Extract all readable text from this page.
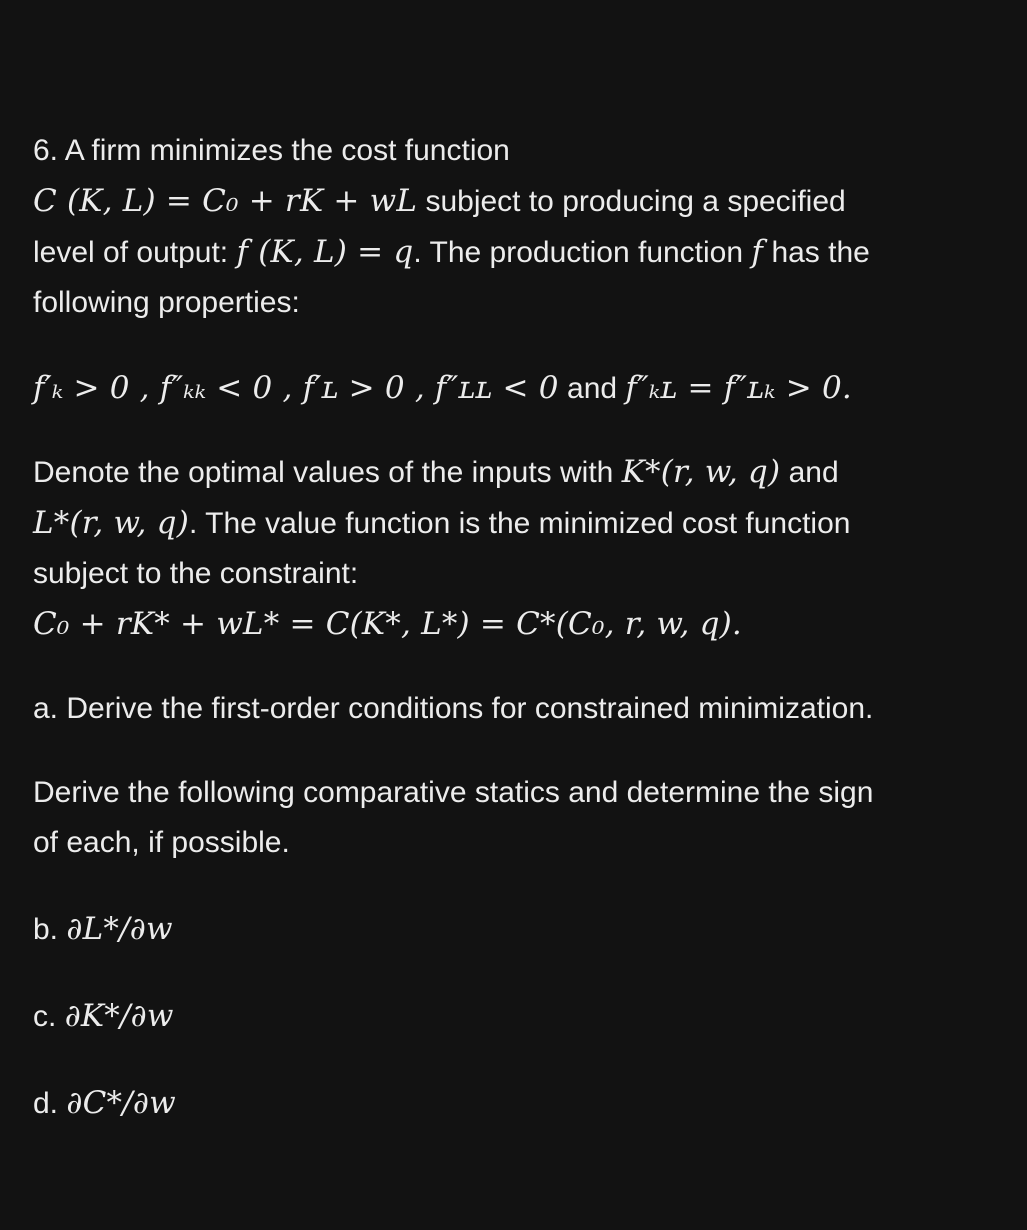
6. A firm minimizes the cost function
C (K, L) = C₀ + rK + wL subject to producing a specified
level of output: f (K, L) = q. The production function f has the
following properties:

f′ₖ > 0 , f″ₖₖ < 0 , f′ʟ > 0 , f″ʟʟ < 0 and f″ₖʟ = f″ʟₖ > 0.

Denote the optimal values of the inputs with K*(r, w, q) and
L*(r, w, q). The value function is the minimized cost function
subject to the constraint:
C₀ + rK* + wL* = C(K*, L*) = C*(C₀, r, w, q).

a. Derive the first-order conditions for constrained minimization.

Derive the following comparative statics and determine the sign
of each, if possible.

b. ∂L*/∂w

c. ∂K*/∂w

d. ∂C*/∂w
